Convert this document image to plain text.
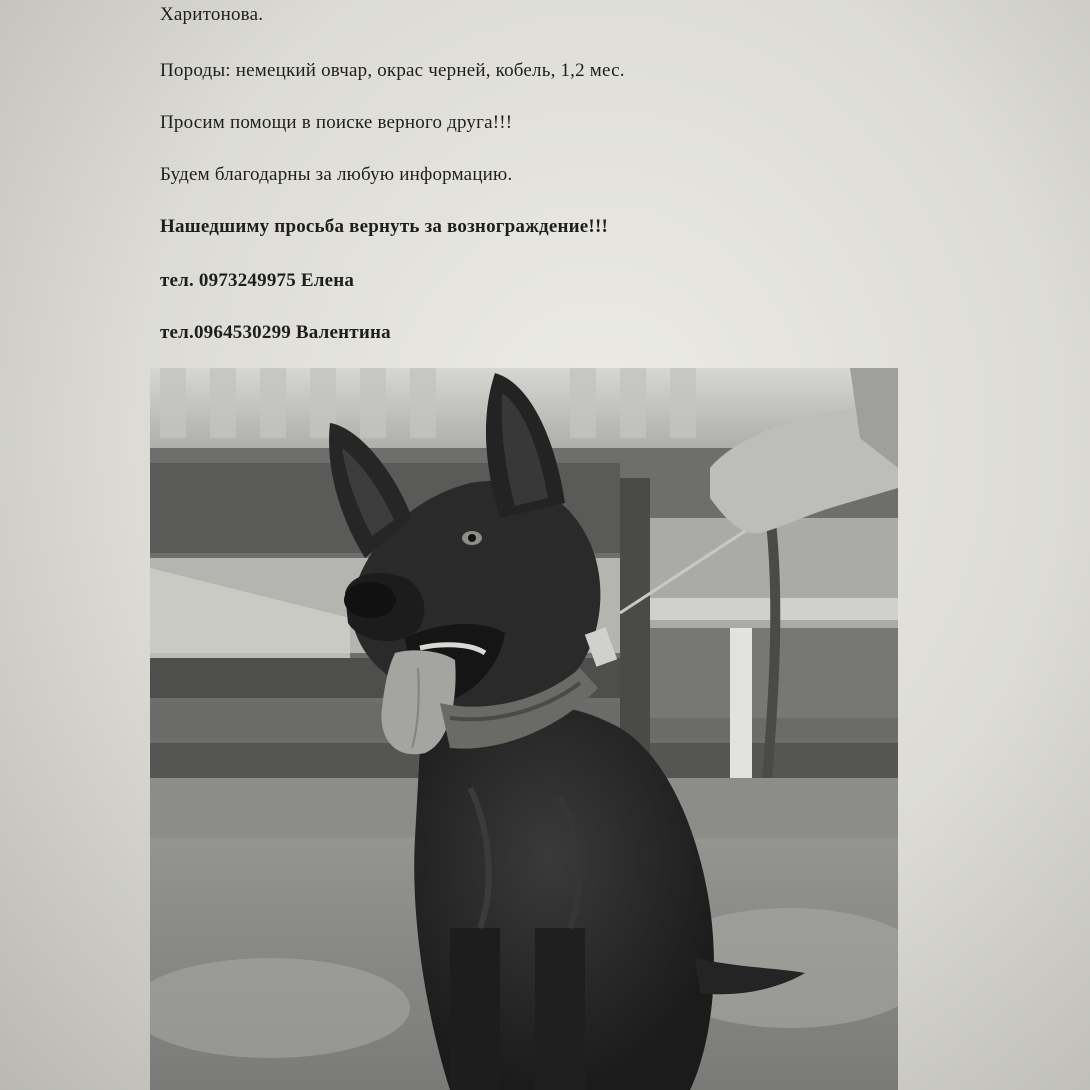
Харитонова.
Породы: немецкий овчар, окрас черней, кобель, 1,2 мес.
Просим помощи в поиске верного друга!!!
Будем благодарны за любую информацию.
Нашедшиму просьба вернуть за вознограждение!!!
тел. 0973249975 Елена
тел.0964530299 Валентина
